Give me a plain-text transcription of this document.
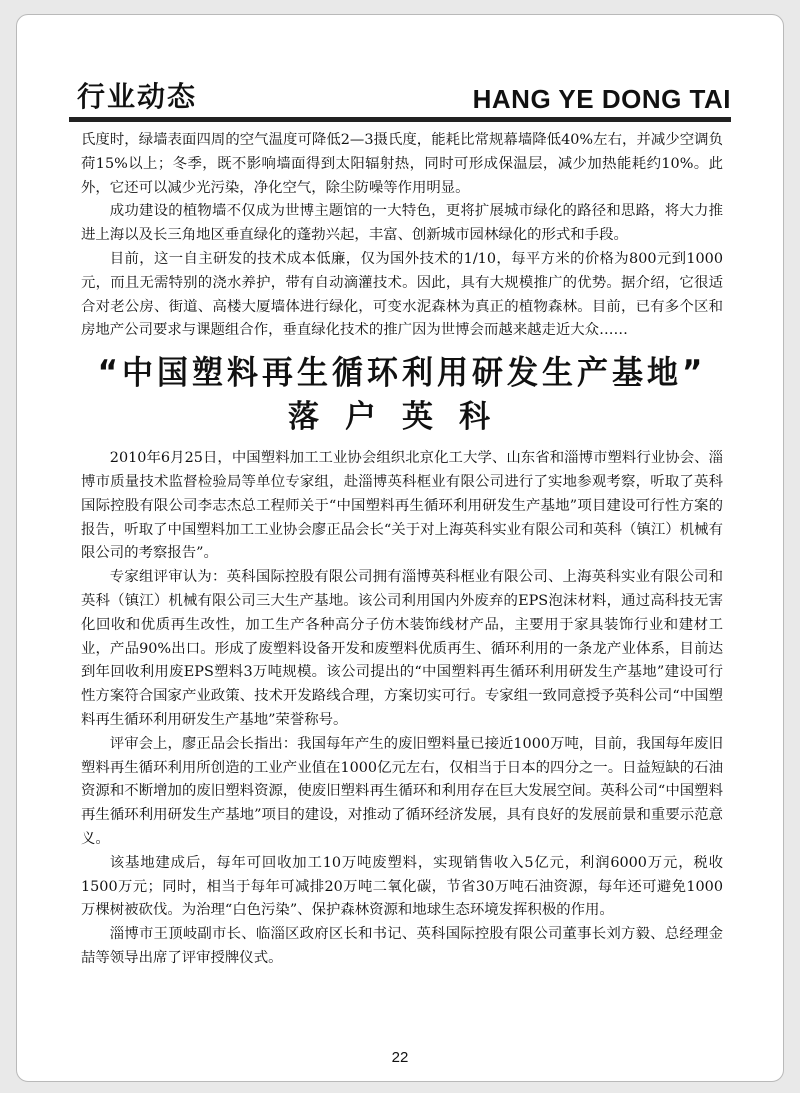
行业动态	HANG YE DONG TAI

氏度时，绿墙表面四周的空气温度可降低2—3摄氏度，能耗比常规幕墙降低40%左右，并减少空调负荷15%以上；冬季，既不影响墙面得到太阳辐射热，同时可形成保温层，减少加热能耗约10%。此外，它还可以减少光污染，净化空气，除尘防噪等作用明显。

成功建设的植物墙不仅成为世博主题馆的一大特色，更将扩展城市绿化的路径和思路，将大力推进上海以及长三角地区垂直绿化的蓬勃兴起，丰富、创新城市园林绿化的形式和手段。

目前，这一自主研发的技术成本低廉，仅为国外技术的1/10，每平方米的价格为800元到1000元，而且无需特别的浇水养护，带有自动滴灌技术。因此，具有大规模推广的优势。据介绍，它很适合对老公房、街道、高楼大厦墙体进行绿化，可变水泥森林为真正的植物森林。目前，已有多个区和房地产公司要求与课题组合作，垂直绿化技术的推广因为世博会而越来越走近大众……

“中国塑料再生循环利用研发生产基地”
落户英科

2010年6月25日，中国塑料加工工业协会组织北京化工大学、山东省和淄博市塑料行业协会、淄博市质量技术监督检验局等单位专家组，赴淄博英科框业有限公司进行了实地参观考察，听取了英科国际控股有限公司李志杰总工程师关于“中国塑料再生循环利用研发生产基地”项目建设可行性方案的报告，听取了中国塑料加工工业协会廖正品会长“关于对上海英科实业有限公司和英科（镇江）机械有限公司的考察报告”。

专家组评审认为：英科国际控股有限公司拥有淄博英科框业有限公司、上海英科实业有限公司和英科（镇江）机械有限公司三大生产基地。该公司利用国内外废弃的EPS泡沫材料，通过高科技无害化回收和优质再生改性，加工生产各种高分子仿木装饰线材产品，主要用于家具装饰行业和建材工业，产品90%出口。形成了废塑料设备开发和废塑料优质再生、循环利用的一条龙产业体系，目前达到年回收利用废EPS塑料3万吨规模。该公司提出的“中国塑料再生循环利用研发生产基地”建设可行性方案符合国家产业政策、技术开发路线合理，方案切实可行。专家组一致同意授予英科公司“中国塑料再生循环利用研发生产基地”荣誉称号。

评审会上，廖正品会长指出：我国每年产生的废旧塑料量已接近1000万吨，目前，我国每年废旧塑料再生循环利用所创造的工业产业值在1000亿元左右，仅相当于日本的四分之一。日益短缺的石油资源和不断增加的废旧塑料资源，使废旧塑料再生循环和利用存在巨大发展空间。英科公司“中国塑料再生循环利用研发生产基地”项目的建设，对推动了循环经济发展，具有良好的发展前景和重要示范意义。

该基地建成后，每年可回收加工10万吨废塑料，实现销售收入5亿元，利润6000万元，税收1500万元；同时，相当于每年可减排20万吨二氧化碳，节省30万吨石油资源，每年还可避免1000万棵树被砍伐。为治理“白色污染”、保护森林资源和地球生态环境发挥积极的作用。

淄博市王顶岐副市长、临淄区政府区长和书记、英科国际控股有限公司董事长刘方毅、总经理金喆等领导出席了评审授牌仪式。

22
